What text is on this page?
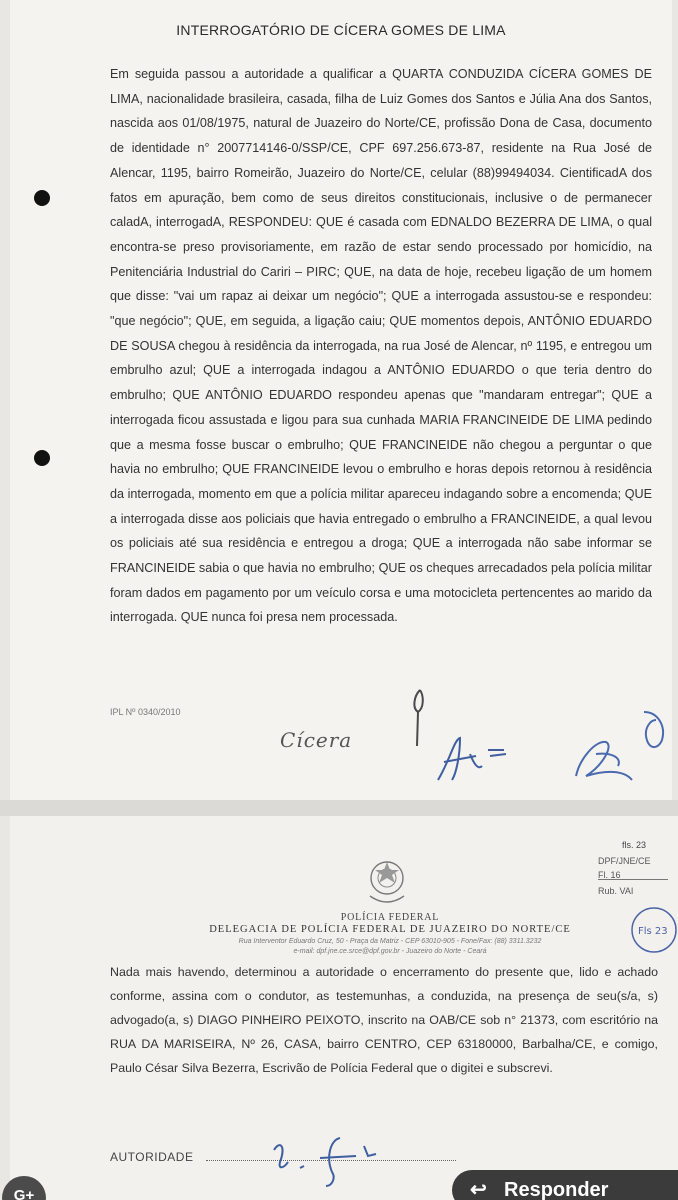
INTERROGATÓRIO DE CÍCERA GOMES DE LIMA
Em seguida passou a autoridade a qualificar a QUARTA CONDUZIDA CÍCERA GOMES DE LIMA, nacionalidade brasileira, casada, filha de Luiz Gomes dos Santos e Júlia Ana dos Santos, nascida aos 01/08/1975, natural de Juazeiro do Norte/CE, profissão Dona de Casa, documento de identidade n° 2007714146-0/SSP/CE, CPF 697.256.673-87, residente na Rua José de Alencar, 1195, bairro Romeirão, Juazeiro do Norte/CE, celular (88)99494034. CientificadA dos fatos em apuração, bem como de seus direitos constitucionais, inclusive o de permanecer caladA, interrogadA, RESPONDEU: QUE é casada com EDNALDO BEZERRA DE LIMA, o qual encontra-se preso provisoriamente, em razão de estar sendo processado por homicídio, na Penitenciária Industrial do Cariri – PIRC; QUE, na data de hoje, recebeu ligação de um homem que disse: "vai um rapaz ai deixar um negócio"; QUE a interrogada assustou-se e respondeu: "que negócio"; QUE, em seguida, a ligação caiu; QUE momentos depois, ANTÔNIO EDUARDO DE SOUSA chegou à residência da interrogada, na rua José de Alencar, nº 1195, e entregou um embrulho azul; QUE a interrogada indagou a ANTÔNIO EDUARDO o que teria dentro do embrulho; QUE ANTÔNIO EDUARDO respondeu apenas que "mandaram entregar"; QUE a interrogada ficou assustada e ligou para sua cunhada MARIA FRANCINEIDE DE LIMA pedindo que a mesma fosse buscar o embrulho; QUE FRANCINEIDE não chegou a perguntar o que havia no embrulho; QUE FRANCINEIDE levou o embrulho e horas depois retornou à residência da interrogada, momento em que a polícia militar apareceu indagando sobre a encomenda; QUE a interrogada disse aos policiais que havia entregado o embrulho a FRANCINEIDE, a qual levou os policiais até sua residência e entregou a droga; QUE a interrogada não sabe informar se FRANCINEIDE sabia o que havia no embrulho; QUE os cheques arrecadados pela polícia militar foram dados em pagamento por um veículo corsa e uma motocicleta pertencentes ao marido da interrogada. QUE nunca foi presa nem processada.
IPL Nº 0340/2010
Cícera
fls. 23
DPF/JNE/CE
Fl. 16
Rub. VAI
Fls 23
POLÍCIA FEDERAL
DELEGACIA DE POLÍCIA FEDERAL DE JUAZEIRO DO NORTE/CE
Rua Interventor Eduardo Cruz, 50 - Praça da Matriz - CEP 63010-905 - Fone/Fax: (88) 3311.3232
e-mail: dpf.jne.ce.srce@dpf.gov.br - Juazeiro do Norte - Ceará
Nada mais havendo, determinou a autoridade o encerramento do presente que, lido e achado conforme, assina com o condutor, as testemunhas, a conduzida, na presença de seu(s/a, s) advogado(a, s) DIAGO PINHEIRO PEIXOTO, inscrito na OAB/CE sob n° 21373, com escritório na RUA DA MARISEIRA, Nº 26, CASA, bairro CENTRO, CEP 63180000, Barbalha/CE, e comigo, Paulo César Silva Bezerra, Escrivão de Polícia Federal que o digitei e subscrevi.
AUTORIDADE
G+	↩ Responder
